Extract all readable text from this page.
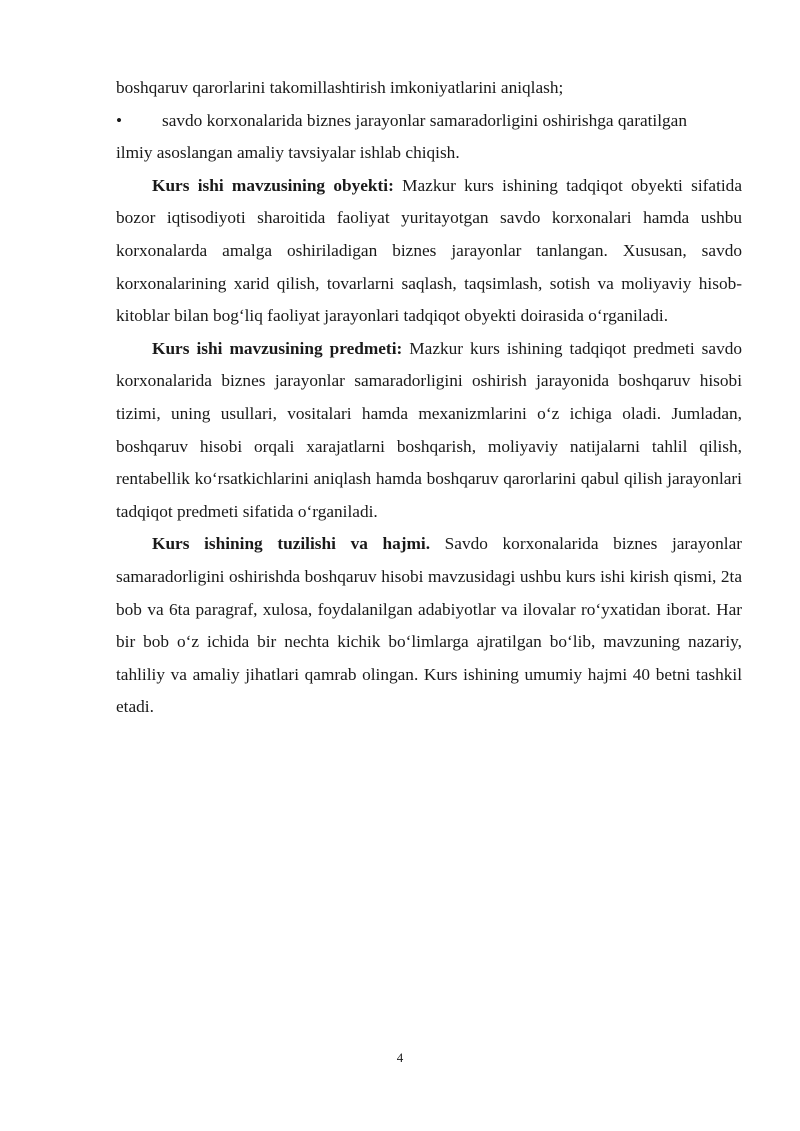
boshqaruv qarorlarini takomillashtirish imkoniyatlarini aniqlash;

•	savdo korxonalarida biznes jarayonlar samaradorligini oshirishga qaratilgan

ilmiy asoslangan amaliy tavsiyalar ishlab chiqish.

Kurs ishi mavzusining obyekti: Mazkur kurs ishining tadqiqot obyekti sifatida bozor iqtisodiyoti sharoitida faoliyat yuritayotgan savdo korxonalari hamda ushbu korxonalarda amalga oshiriladigan biznes jarayonlar tanlangan. Xususan, savdo korxonalarining xarid qilish, tovarlarni saqlash, taqsimlash, sotish va moliyaviy hisob-kitoblar bilan bog‘liq faoliyat jarayonlari tadqiqot obyekti doirasida o‘rganiladi.

Kurs ishi mavzusining predmeti: Mazkur kurs ishining tadqiqot predmeti savdo korxonalarida biznes jarayonlar samaradorligini oshirish jarayonida boshqaruv hisobi tizimi, uning usullari, vositalari hamda mexanizmlarini o‘z ichiga oladi. Jumladan, boshqaruv hisobi orqali xarajatlarni boshqarish, moliyaviy natijalarni tahlil qilish, rentabellik ko‘rsatkichlarini aniqlash hamda boshqaruv qarorlarini qabul qilish jarayonlari tadqiqot predmeti sifatida o‘rganiladi.

Kurs ishining tuzilishi va hajmi. Savdo korxonalarida biznes jarayonlar samaradorligini oshirishda boshqaruv hisobi mavzusidagi ushbu kurs ishi kirish qismi, 2ta bob va 6ta paragraf, xulosa, foydalanilgan adabiyotlar va ilovalar ro‘yxatidan iborat. Har bir bob o‘z ichida bir nechta kichik bo‘limlarga ajratilgan bo‘lib, mavzuning nazariy, tahliliy va amaliy jihatlari qamrab olingan. Kurs ishining umumiy hajmi 40 betni tashkil etadi.

4
